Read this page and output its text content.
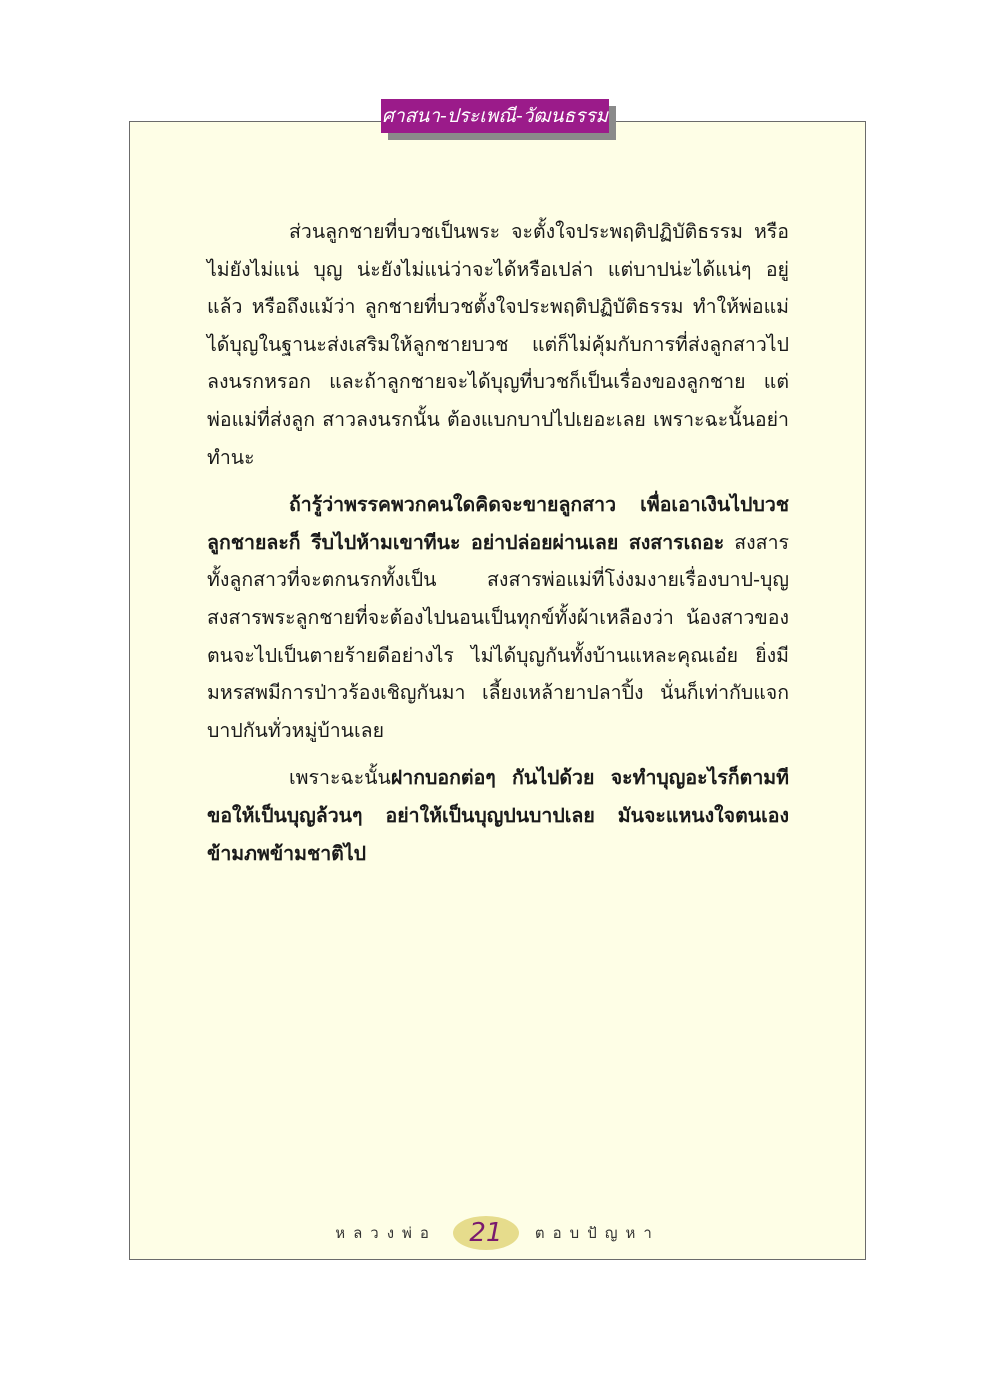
ศาสนา-ประเพณี-วัฒนธรรม
ส่วนลูกชายที่บวชเป็นพระ จะตั้งใจประพฤติปฏิบัติธรรม หรือไม่ยังไม่แน่ บุญ น่ะยังไม่แน่ว่าจะได้หรือเปล่า แต่บาปน่ะได้แน่ๆ อยู่แล้ว หรือถึงแม้ว่า ลูกชายที่บวชตั้งใจประพฤติปฏิบัติธรรม ทำให้พ่อแม่ได้บุญในฐานะส่งเสริมให้ลูกชายบวช แต่ก็ไม่คุ้มกับการที่ส่งลูกสาวไปลงนรกหรอก และถ้าลูกชายจะได้บุญที่บวชก็เป็นเรื่องของลูกชาย แต่พ่อแม่ที่ส่งลูก สาวลงนรกนั้น ต้องแบกบาปไปเยอะเลย เพราะฉะนั้นอย่าทำนะ
ถ้ารู้ว่าพรรคพวกคนใดคิดจะขายลูกสาว เพื่อเอาเงินไปบวชลูกชายละก็ รีบไปห้ามเขาทีนะ อย่าปล่อยผ่านเลย สงสารเถอะ สงสารทั้งลูกสาวที่จะตกนรกทั้งเป็น สงสารพ่อแม่ที่โง่งมงายเรื่องบาป-บุญ สงสารพระลูกชายที่จะต้องไปนอนเป็นทุกข์ทั้งผ้าเหลืองว่า น้องสาวของตนจะไปเป็นตายร้ายดีอย่างไร ไม่ได้บุญกันทั้งบ้านแหละคุณเอ๋ย ยิ่งมีมหรสพมีการป่าวร้องเชิญกันมา เลี้ยงเหล้ายาปลาปิ้ง นั่นก็เท่ากับแจกบาปกันทั่วหมู่บ้านเลย
เพราะฉะนั้นฝากบอกต่อๆ กันไปด้วย จะทำบุญอะไรก็ตามที ขอให้เป็นบุญล้วนๆ อย่าให้เป็นบุญปนบาปเลย มันจะแหนงใจตนเองข้ามภพข้ามชาติไป
หลวงพ่อ 21 ตอบปัญหา
